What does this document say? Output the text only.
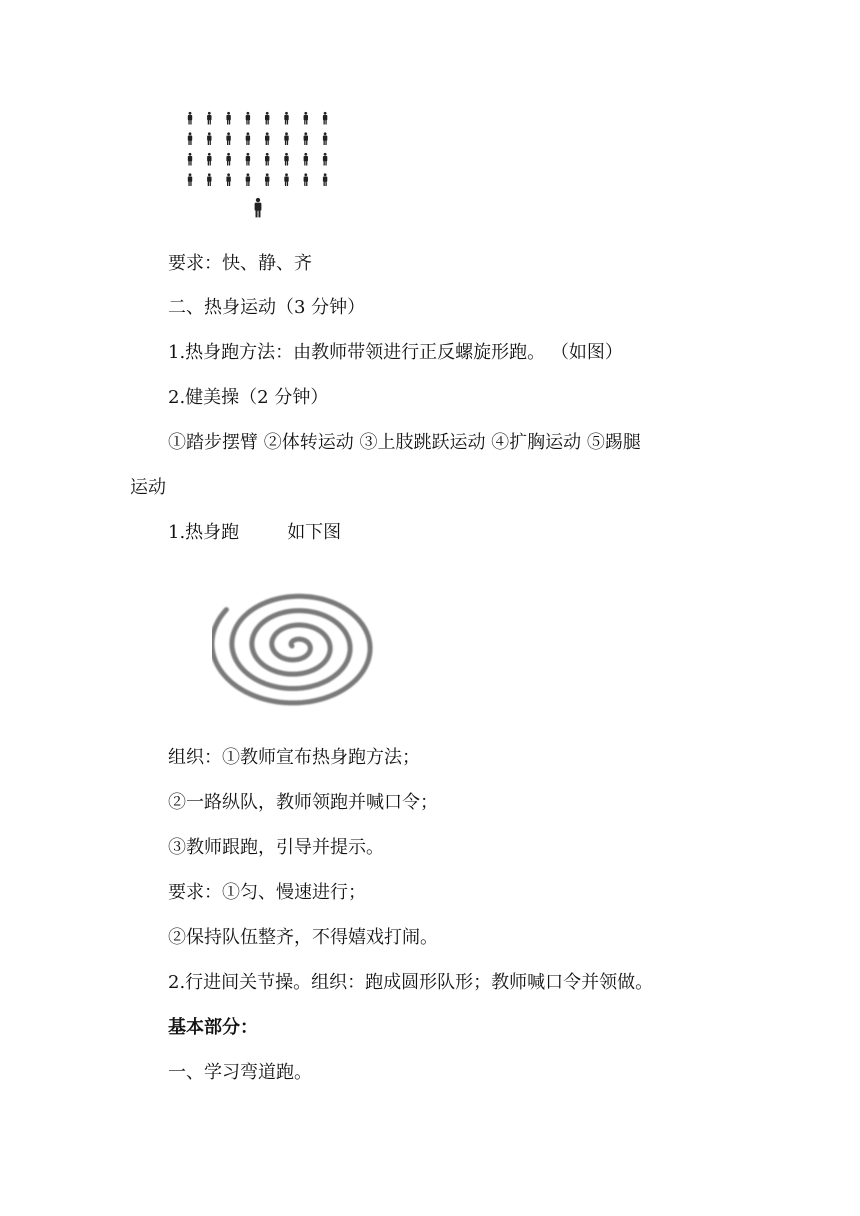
要求：快、静、齐
二、热身运动（3 分钟）
1.热身跑方法：由教师带领进行正反螺旋形跑。 （如图）
2.健美操（2 分钟）
①踏步摆臂 ②体转运动 ③上肢跳跃运动 ④扩胸运动 ⑤踢腿
运动
1.热身跑	如下图
组织：①教师宣布热身跑方法；
②一路纵队，教师领跑并喊口令；
③教师跟跑，引导并提示。
要求：①匀、慢速进行；
②保持队伍整齐，不得嬉戏打闹。
2.行进间关节操。组织：跑成圆形队形；教师喊口令并领做。
基本部分：
一、学习弯道跑。
